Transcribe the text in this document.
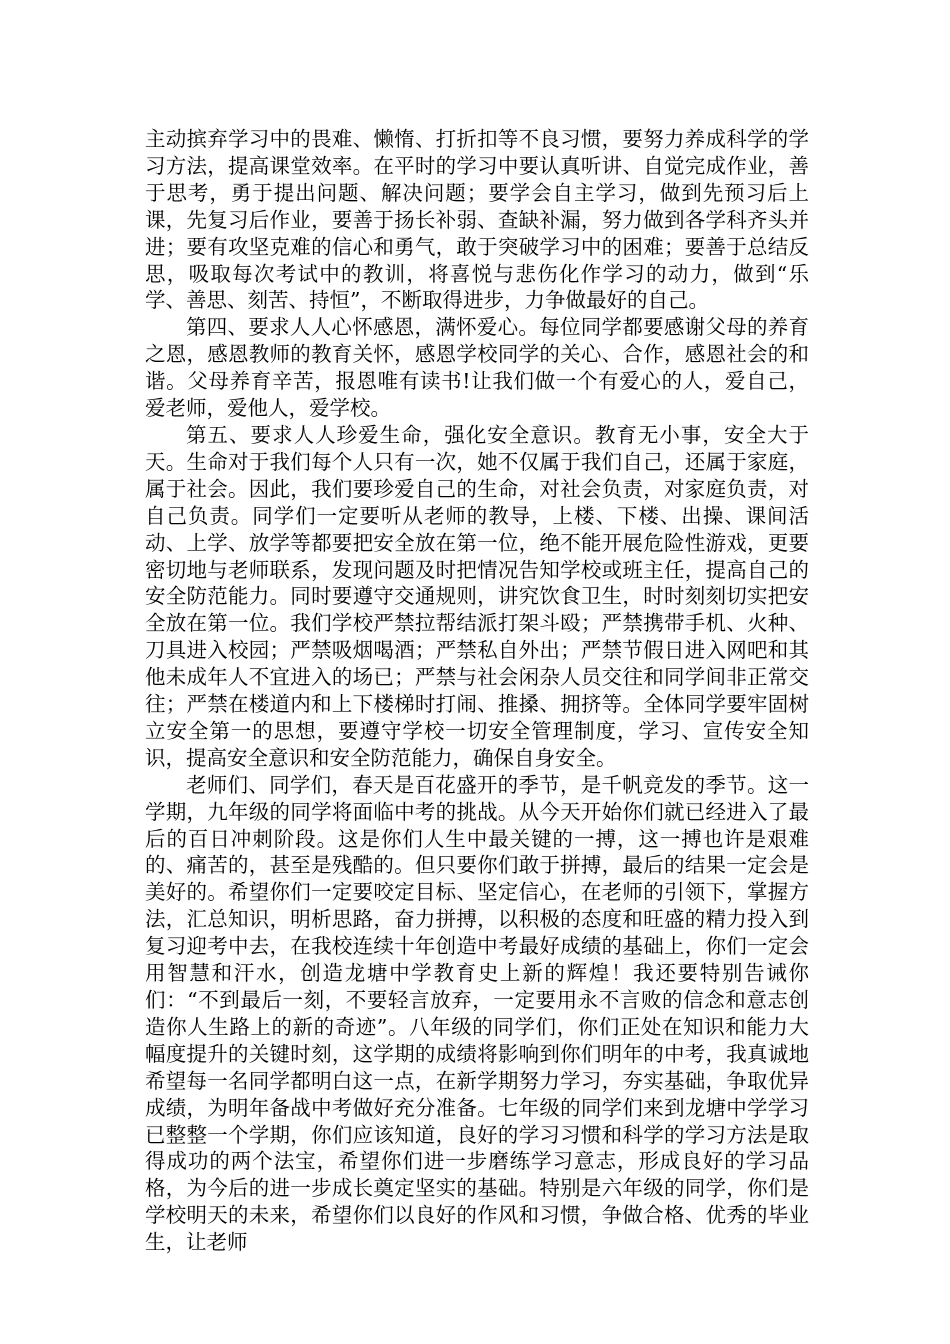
主动摈弃学习中的畏难、懒惰、打折扣等不良习惯，要努力养成科学的学习方法，提高课堂效率。在平时的学习中要认真听讲、自觉完成作业，善于思考，勇于提出问题、解决问题；要学会自主学习，做到先预习后上课，先复习后作业，要善于扬长补弱、查缺补漏，努力做到各学科齐头并进；要有攻坚克难的信心和勇气，敢于突破学习中的困难；要善于总结反思，吸取每次考试中的教训，将喜悦与悲伤化作学习的动力，做到“乐学、善思、刻苦、持恒”，不断取得进步，力争做最好的自己。

第四、要求人人心怀感恩，满怀爱心。每位同学都要感谢父母的养育之恩，感恩教师的教育关怀，感恩学校同学的关心、合作，感恩社会的和谐。父母养育辛苦，报恩唯有读书!让我们做一个有爱心的人，爱自己，爱老师，爱他人，爱学校。

第五、要求人人珍爱生命，强化安全意识。教育无小事，安全大于天。生命对于我们每个人只有一次，她不仅属于我们自己，还属于家庭，属于社会。因此，我们要珍爱自己的生命，对社会负责，对家庭负责，对自己负责。同学们一定要听从老师的教导，上楼、下楼、出操、课间活动、上学、放学等都要把安全放在第一位，绝不能开展危险性游戏，更要密切地与老师联系，发现问题及时把情况告知学校或班主任，提高自己的安全防范能力。同时要遵守交通规则，讲究饮食卫生，时时刻刻切实把安全放在第一位。我们学校严禁拉帮结派打架斗殴；严禁携带手机、火种、刀具进入校园；严禁吸烟喝酒；严禁私自外出；严禁节假日进入网吧和其他未成年人不宜进入的场已；严禁与社会闲杂人员交往和同学间非正常交往；严禁在楼道内和上下楼梯时打闹、推搡、拥挤等。全体同学要牢固树立安全第一的思想，要遵守学校一切安全管理制度，学习、宣传安全知识，提高安全意识和安全防范能力，确保自身安全。

老师们、同学们，春天是百花盛开的季节，是千帆竞发的季节。这一学期，九年级的同学将面临中考的挑战。从今天开始你们就已经进入了最后的百日冲刺阶段。这是你们人生中最关键的一搏，这一搏也许是艰难的、痛苦的，甚至是残酷的。但只要你们敢于拼搏，最后的结果一定会是美好的。希望你们一定要咬定目标、坚定信心，在老师的引领下，掌握方法，汇总知识，明析思路，奋力拼搏，以积极的态度和旺盛的精力投入到复习迎考中去，在我校连续十年创造中考最好成绩的基础上，你们一定会用智慧和汗水，创造龙塘中学教育史上新的辉煌！我还要特别告诫你们：“不到最后一刻，不要轻言放弃，一定要用永不言败的信念和意志创造你人生路上的新的奇迹”。八年级的同学们，你们正处在知识和能力大幅度提升的关键时刻，这学期的成绩将影响到你们明年的中考，我真诚地希望每一名同学都明白这一点，在新学期努力学习，夯实基础，争取优异成绩，为明年备战中考做好充分准备。七年级的同学们来到龙塘中学学习已整整一个学期，你们应该知道，良好的学习习惯和科学的学习方法是取得成功的两个法宝，希望你们进一步磨练学习意志，形成良好的学习品格，为今后的进一步成长奠定坚实的基础。特别是六年级的同学，你们是学校明天的未来，希望你们以良好的作风和习惯，争做合格、优秀的毕业生，让老师
